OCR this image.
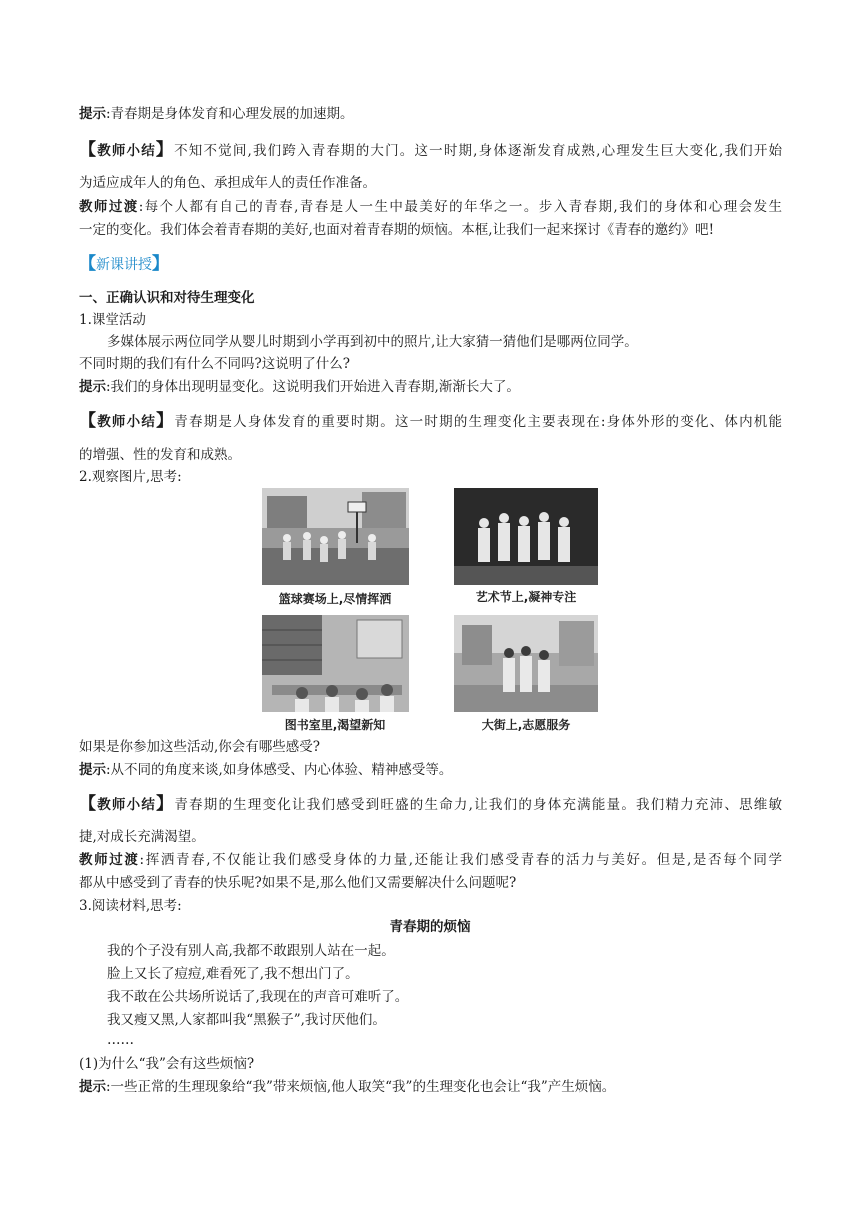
提示:青春期是身体发育和心理发展的加速期。
【教师小结】不知不觉间,我们跨入青春期的大门。这一时期,身体逐渐发育成熟,心理发生巨大变化,我们开始
为适应成年人的角色、承担成年人的责任作准备。
教师过渡:每个人都有自己的青春,青春是人一生中最美好的年华之一。步入青春期,我们的身体和心理会发生
一定的变化。我们体会着青春期的美好,也面对着青春期的烦恼。本框,让我们一起来探讨《青春的邀约》吧!
【新课讲授】
一、正确认识和对待生理变化
1.课堂活动
多媒体展示两位同学从婴儿时期到小学再到初中的照片,让大家猜一猜他们是哪两位同学。
不同时期的我们有什么不同吗?这说明了什么?
提示:我们的身体出现明显变化。这说明我们开始进入青春期,渐渐长大了。
【教师小结】青春期是人身体发育的重要时期。这一时期的生理变化主要表现在:身体外形的变化、体内机能
的增强、性的发育和成熟。
2.观察图片,思考:
篮球赛场上,尽情挥洒	艺术节上,凝神专注
图书室里,渴望新知	大街上,志愿服务
如果是你参加这些活动,你会有哪些感受?
提示:从不同的角度来谈,如身体感受、内心体验、精神感受等。
【教师小结】青春期的生理变化让我们感受到旺盛的生命力,让我们的身体充满能量。我们精力充沛、思维敏
捷,对成长充满渴望。
教师过渡:挥洒青春,不仅能让我们感受身体的力量,还能让我们感受青春的活力与美好。但是,是否每个同学
都从中感受到了青春的快乐呢?如果不是,那么他们又需要解决什么问题呢?
3.阅读材料,思考:
青春期的烦恼
我的个子没有别人高,我都不敢跟别人站在一起。
脸上又长了痘痘,难看死了,我不想出门了。
我不敢在公共场所说话了,我现在的声音可难听了。
我又瘦又黑,人家都叫我“黑猴子”,我讨厌他们。
……
(1)为什么“我”会有这些烦恼?
提示:一些正常的生理现象给“我”带来烦恼,他人取笑“我”的生理变化也会让“我”产生烦恼。
